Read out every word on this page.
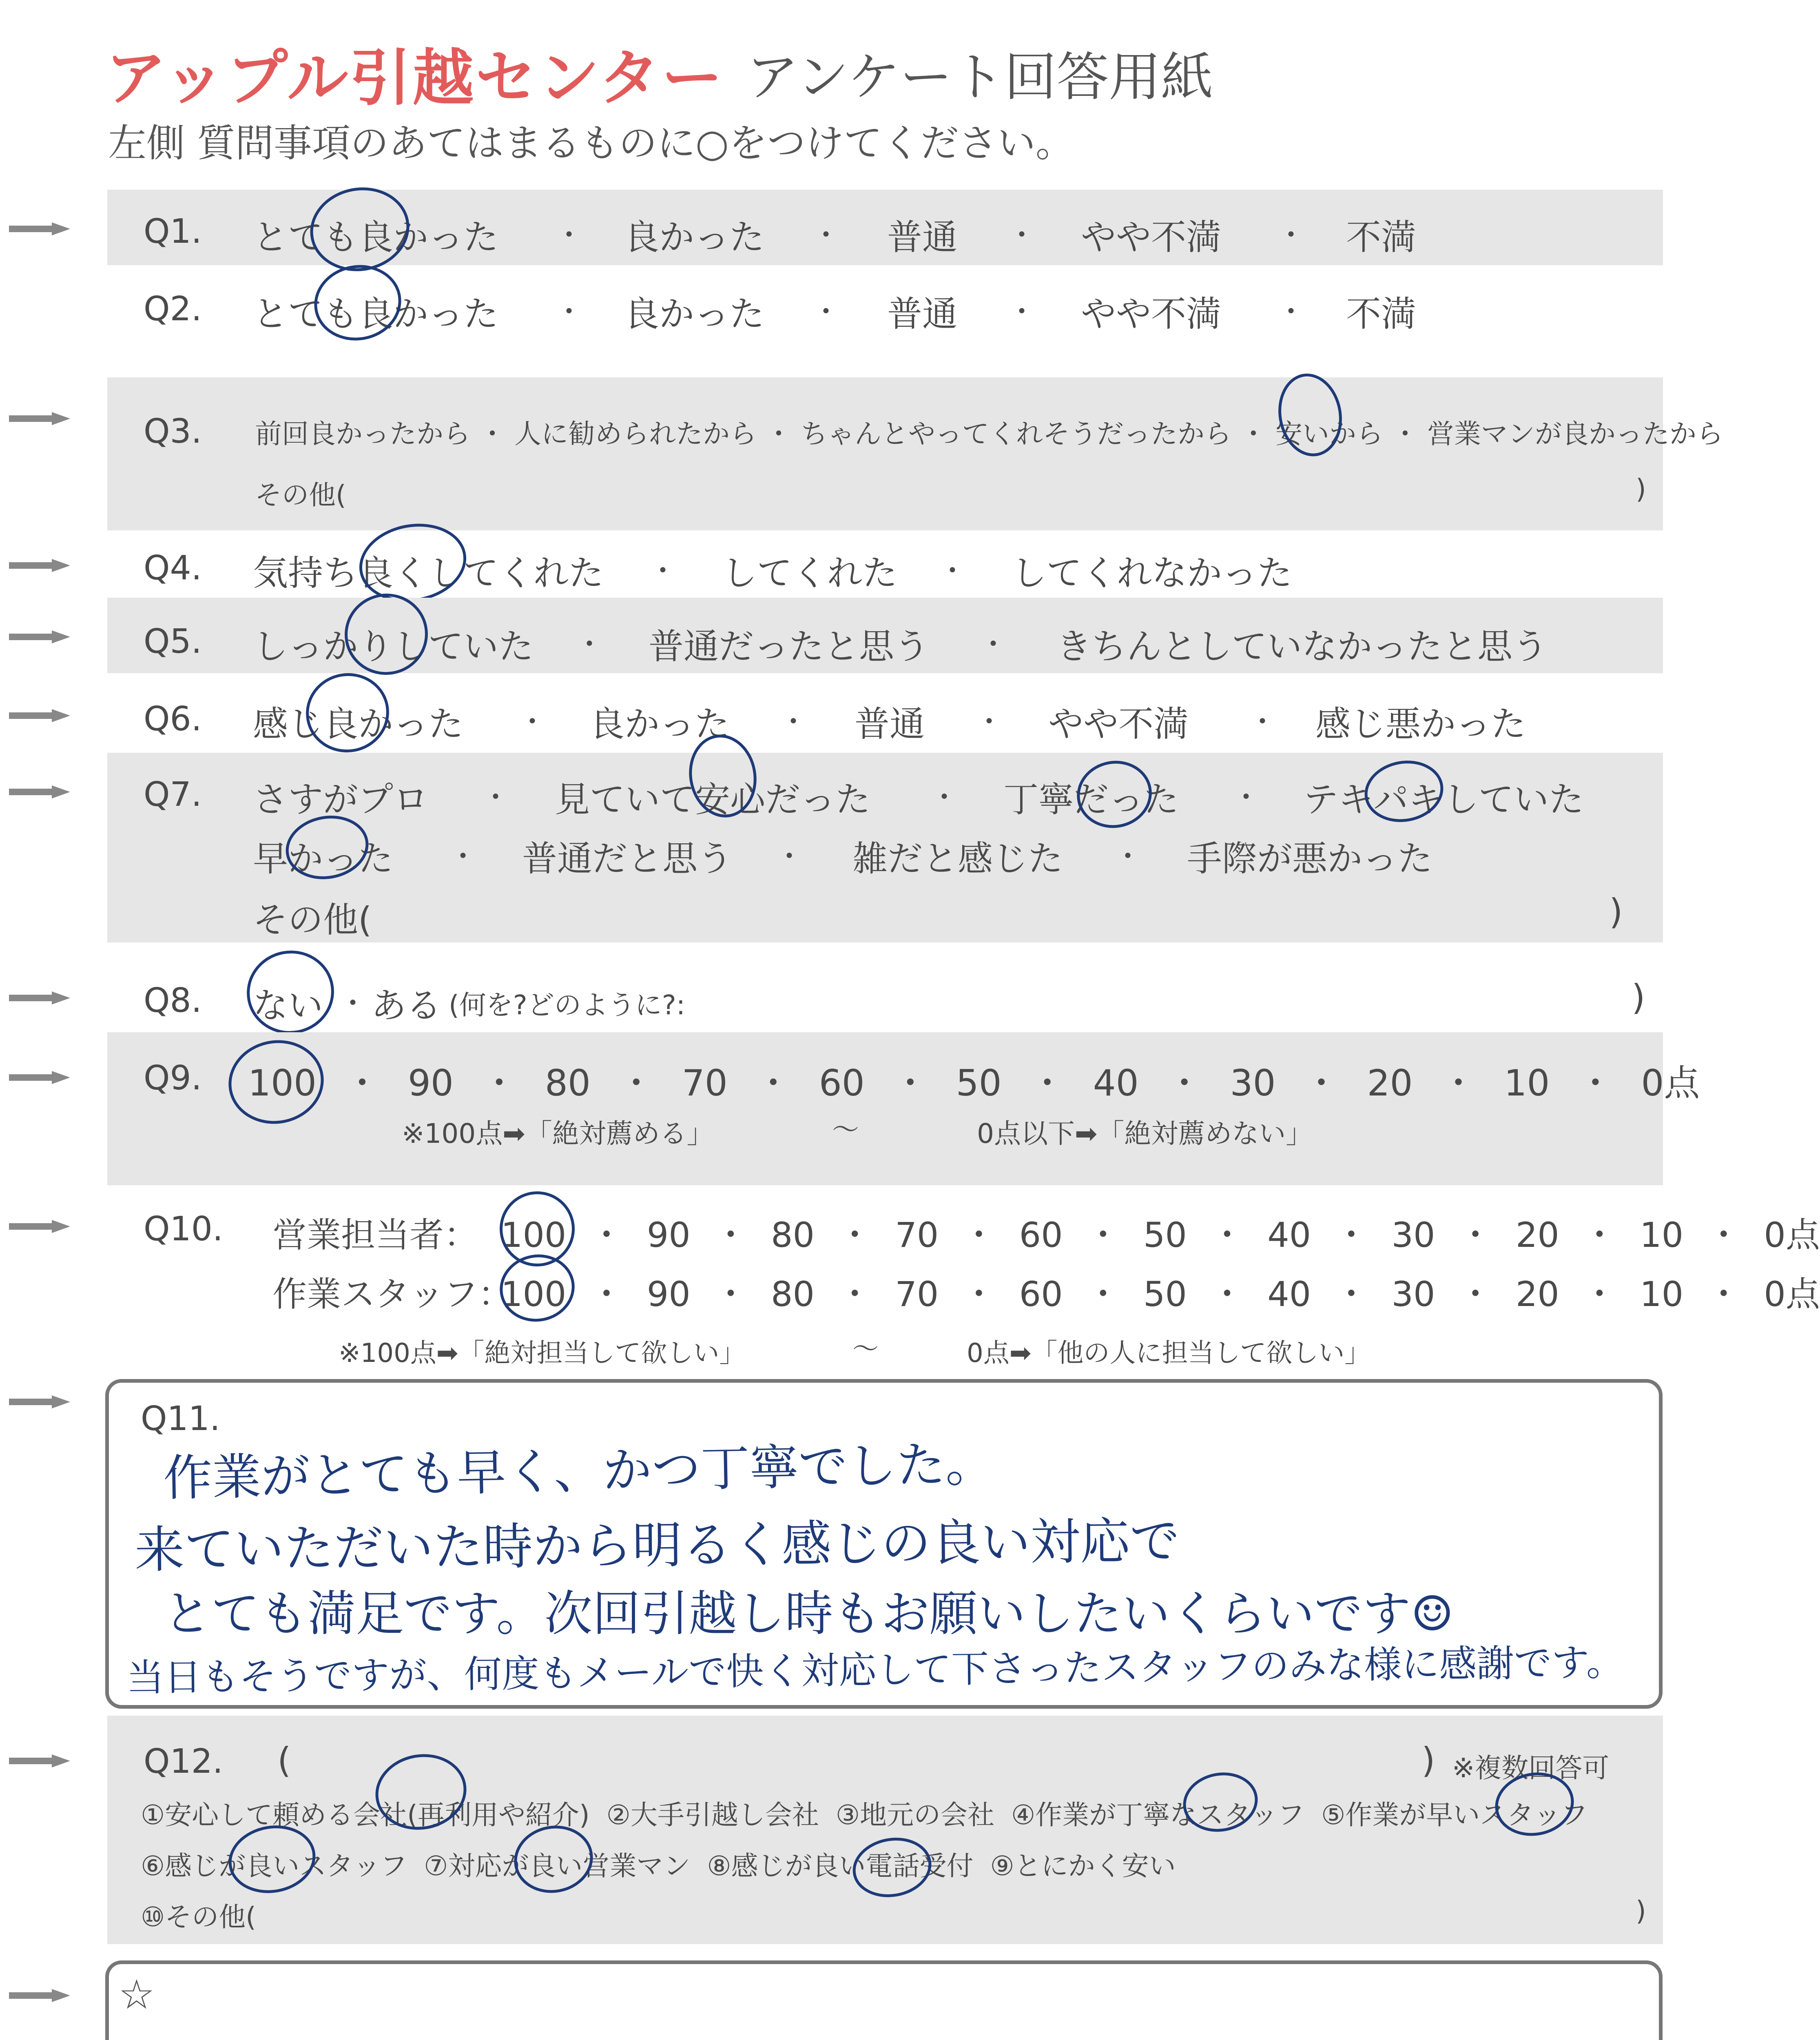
アップル引越センター アンケート回答用紙
左側 質問事項のあてはまるものに○をつけてください。
Q1. とても良かった	良かった	普通	やや不満	不満
・	・	・	・
Q2. とても良かった	良かった	普通	やや不満	不満
・	・	・	・
Q3. 前回良かったから ・ 人に勧められたから ・ ちゃんとやってくれそうだったから ・ 安いから ・ 営業マンが良かったから
その他(	)
Q4. 気持ち良くしてくれた	してくれた	してくれなかった
・	・
Q5. しっかりしていた	普通だったと思う	きちんとしていなかったと思う
・	・
Q6. 感じ良かった	良かった	普通	やや不満	感じ悪かった
・	・	・	・
Q7. さすがプロ	見ていて安心だった	丁寧だった	テキパキしていた
・	・	・
早かった	普通だと思う	雑だと感じた	手際が悪かった
・	・	・
その他(	)
Q8. ない ・ ある (何を?どのように?:	)
Q9. 100 ・ 90 ・ 80 ・ 70 ・ 60 ・ 50 ・ 40 ・ 30 ・ 20 ・ 10 ・ 0点
※100点➡「絶対薦める」	〜	0点以下➡「絶対薦めない」
Q10. 営業担当者： 100 ・ 90 ・ 80 ・ 70 ・ 60 ・ 50 ・ 40 ・ 30 ・ 20 ・ 10 ・ 0点
作業スタッフ：
100 ・ 90 ・ 80 ・ 70 ・ 60 ・ 50 ・ 40 ・ 30 ・ 20 ・ 10 ・ 0点
※100点➡「絶対担当して欲しい」	〜	0点➡「他の人に担当して欲しい」
Q11.
作業がとても早く、かつ丁寧でした。
来ていただいた時から明るく感じの良い対応で
とても満足です。次回引越し時もお願いしたいくらいです☺
当日もそうですが、何度もメールで快く対応して下さったスタッフのみな様に感謝です。
Q12. (	) ※複数回答可
①安心して頼める会社(再利用や紹介) ②大手引越し会社 ③地元の会社 ④作業が丁寧なスタッフ ⑤作業が早いスタッフ
⑥感じが良いスタッフ ⑦対応が良い営業マン ⑧感じが良い電話受付 ⑨とにかく安い
⑩その他(	)
☆
